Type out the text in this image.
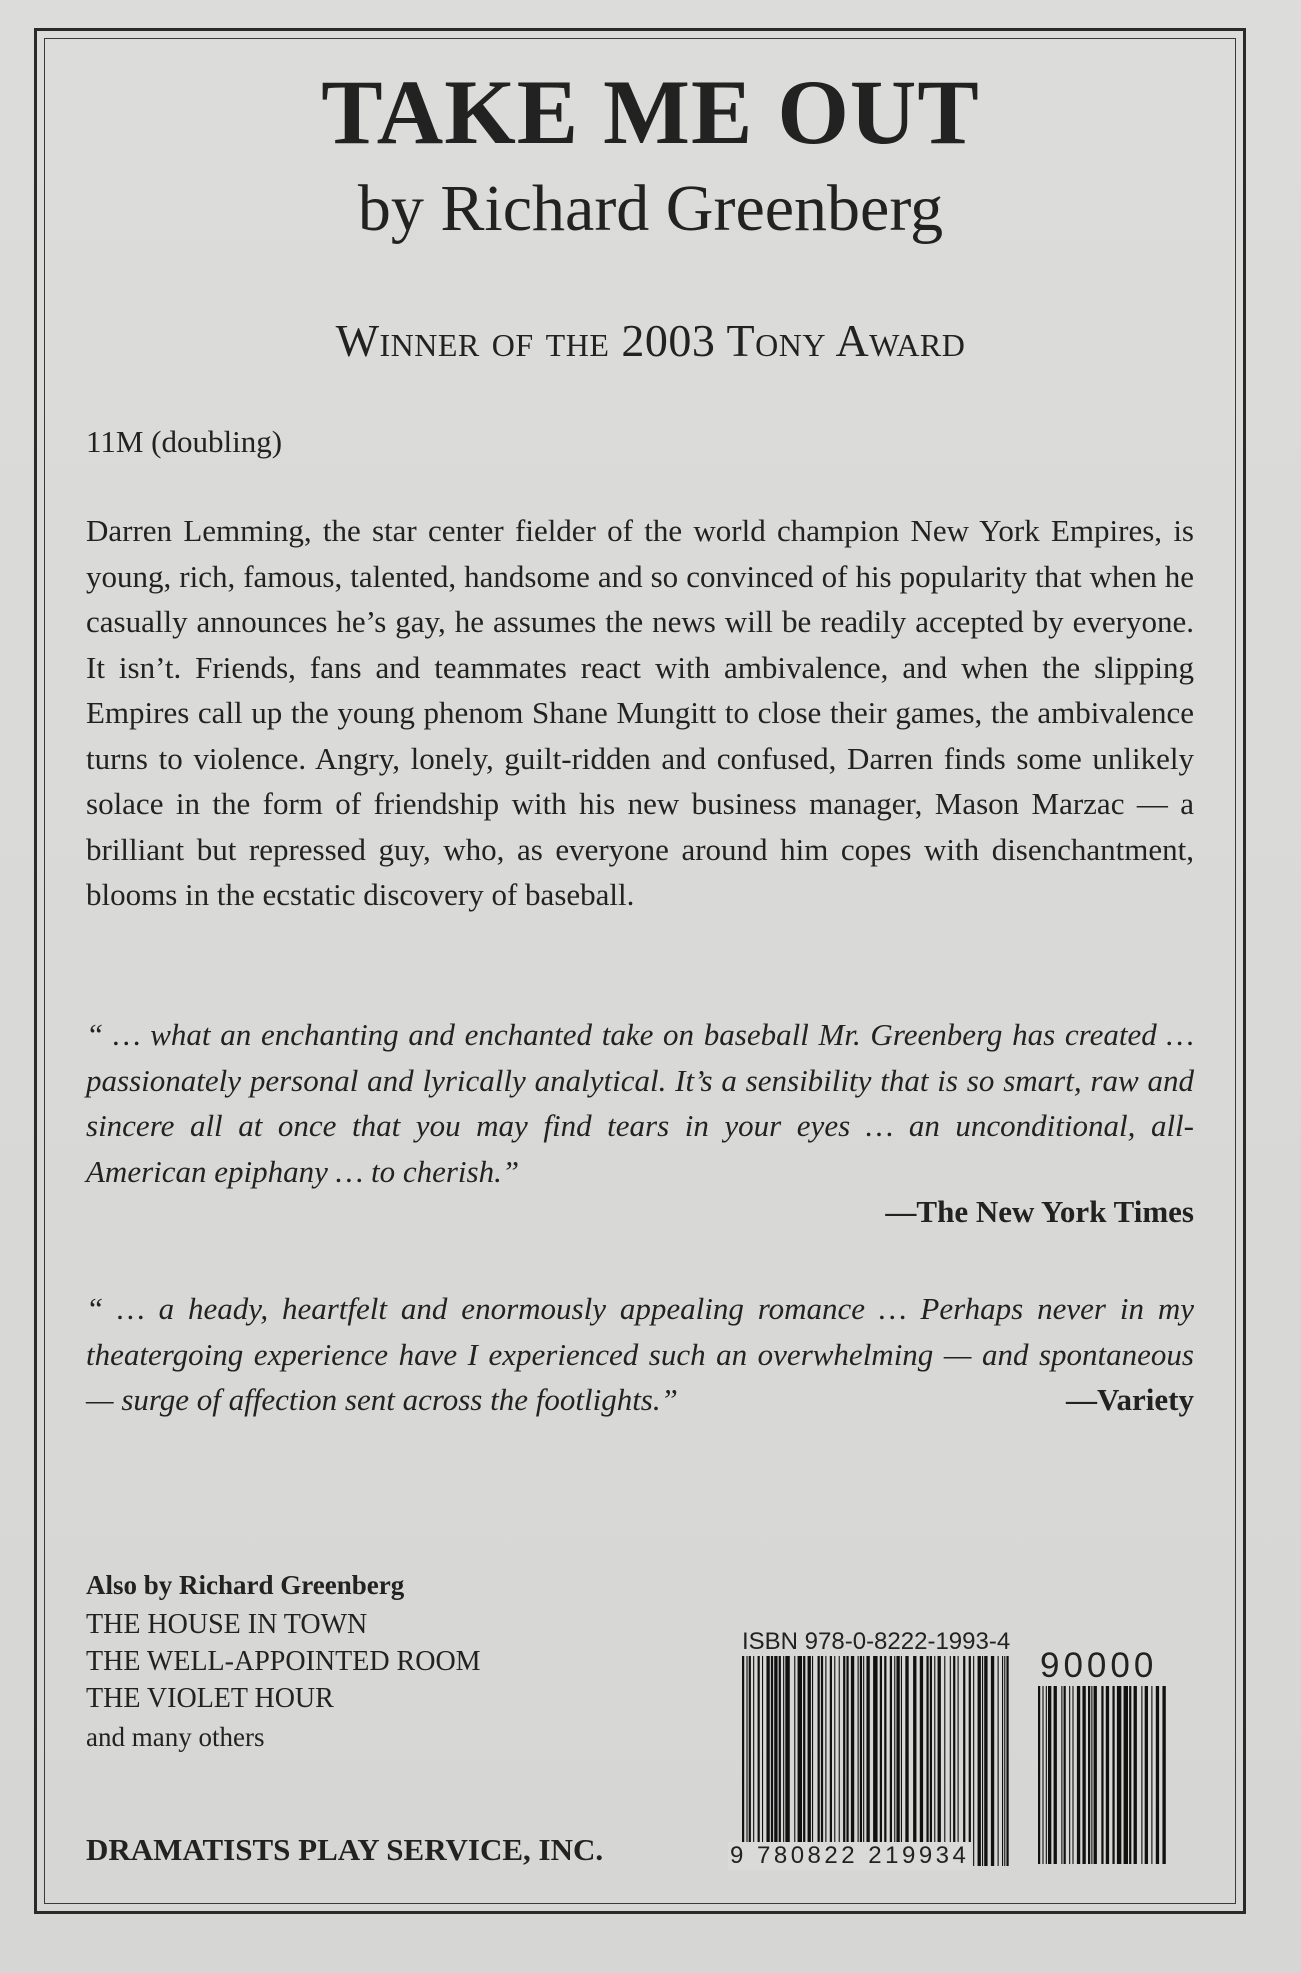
TAKE ME OUT
by Richard Greenberg
Winner of the 2003 Tony Award
11M (doubling)
Darren Lemming, the star center fielder of the world champion New York Empires, is young, rich, famous, talented, handsome and so convinced of his popularity that when he casually announces he’s gay, he assumes the news will be readily accepted by everyone. It isn’t. Friends, fans and teammates react with ambivalence, and when the slipping Empires call up the young phenom Shane Mungitt to close their games, the ambivalence turns to violence. Angry, lonely, guilt-ridden and confused, Darren finds some unlikely solace in the form of friendship with his new business manager, Mason Marzac — a brilliant but repressed guy, who, as everyone around him copes with disenchantment, blooms in the ecstatic discovery of baseball.
“ … what an enchanting and enchanted take on baseball Mr. Greenberg has created … passionately personal and lyrically analytical. It’s a sensibility that is so smart, raw and sincere all at once that you may find tears in your eyes … an unconditional, all-American epiphany … to cherish.”
—The New York Times
“ … a heady, heartfelt and enormously appealing romance … Perhaps never in my theatergoing experience have I experienced such an overwhelming — and spontaneous — surge of affection sent across the footlights.”	—Variety
Also by Richard Greenberg
THE HOUSE IN TOWN
THE WELL-APPOINTED ROOM
THE VIOLET HOUR
and many others
DRAMATISTS PLAY SERVICE, INC.
ISBN 978-0-8222-1993-4
90000
9 780822 219934
